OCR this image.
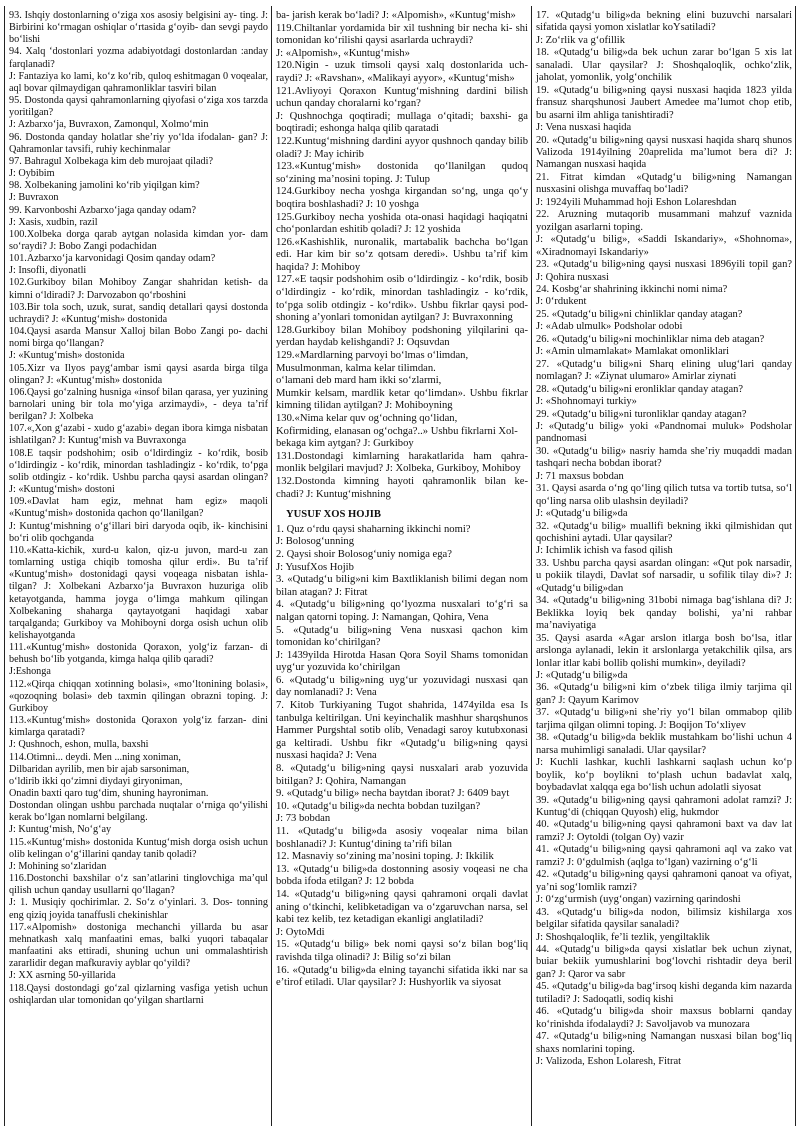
93. Ishqiy dostonlarning o‘ziga xos asosiy belgisini ay- ting. J: Birbirini ko‘rmagan oshiqlar o‘rtasida g‘oyib- dan sevgi paydo bo‘lishi

94. Xalq ‘dostonlari yozma adabiyotdagi dostonlardan :anday farqlanadi?

J: Fantaziya ko lami, ko‘z ko‘rib, quloq eshitmagan 0 voqealar, aql bovar qilmaydigan qahramonliklar tasviri bilan

95. Dostonda qaysi qahramonlarning qiyofasi o‘ziga xos tarzda yoritilgan?

J: Azbarxo‘ja, Buvraxon, Zamonqul, Xolmo‘min

96. Dostonda qanday holatlar she’riy yo‘lda ifodalan- gan? J: Qahramonlar tavsifi, ruhiy kechinmalar

97. Bahragul Xolbekaga kim deb murojaat qiladi?

J: Oybibim

98. Xolbekaning jamolini ko‘rib yiqilgan kim?

J: Buvraxon

99. Karvonboshi Azbarxo‘jaga qanday odam?

J: Xasis, xudbin, razil

100.Xolbeka dorga qarab aytgan nolasida kimdan yor- dam so‘raydi? J: Bobo Zangi podachidan

101.Azbarxo‘ja karvonidagi Qosim qanday odam?

J: Insofli, diyonatli

102.Gurkiboy bilan Mohiboy Zangar shahridan ketish- da kimni o‘ldiradi? J: Darvozabon qo‘rboshini

103.Bir tola soch, uzuk, surat, sandiq detallari qaysi dostonda uchraydi? J: «Kuntug‘mish» dostonida

104.Qaysi asarda Mansur Xalloj bilan Bobo Zangi po- dachi nomi birga qo‘llangan?

J: «Kuntug‘mish» dostonida

105.Xizr va Ilyos payg‘ambar ismi qaysi asarda birga tilga olingan? J: «Kuntug‘mish» dostonida

106.Qaysi go‘zalning husniga «insof bilan qarasa, yer yuzining barnolari uning bir tola mo‘yiga arzimaydi», - deya ta’rif berilgan? J: Xolbeka

107.«,Xon g‘azabi - xudo g‘azabi» degan ibora kimga nisbatan ishlatilgan? J: Kuntug‘mish va Buvraxonga

108.E taqsir podshohim; osib o‘ldirdingiz - ko‘rdik, bosib o‘ldirdingiz - ko‘rdik, minordan tashladingiz - ko‘rdik, to‘pga solib otdingiz - ko‘rdik. Ushbu parcha qaysi asardan olingan? J: «Kuntug‘mish» dostoni

109.«Davlat ham egiz, mehnat ham egiz» maqoli «Kuntug‘mish» dostonida qachon qo‘llanilgan?

J: Kuntug‘mishning o‘g‘illari biri daryoda oqib, ik- kinchisini bo‘ri olib qochganda

110.«Katta-kichik, xurd-u kalon, qiz-u juvon, mard-u zan tomlarning ustiga chiqib tomosha qilur erdi». Bu ta’rif «Kuntug‘mish» dostonidagi qaysi voqeaga nisbatan ishla- tilgan? J: Xolbekani Azbarxo‘ja Buvraxon huzuriga olib ketayotganda, hamma joyga o‘limga mahkum qilingan Xolbekaning shaharga qaytayotgani haqidagi xabar tarqalganda; Gurkiboy va Mohiboyni dorga osish uchun olib kelishayotganda

111.«Kuntug‘mish» dostonida Qoraxon, yolg‘iz farzan- di behush bo‘lib yotganda, kimga halqa qilib qaradi?

J:Eshonga

112.«Qirqa chiqqan xotinning bolasi», «mo‘ltonining bolasi», «qozoqning bolasi» deb taxmin qilingan obrazni toping. J: Gurkiboy

113.«Kuntug‘mish» dostonida Qoraxon yolg‘iz farzan- dini kimlarga qaratadi?

J: Qushnoch, eshon, mulla, baxshi

114.Otimni... deydi. Men ...ning xoniman,

Dilbaridan ayrilib, men bir ajab sarsoniman,

o‘ldirib ikki qo‘zimni diydayi giryoniman,

Onadin baxti qaro tug‘dim, shuning hayroniman.

Dostondan olingan ushbu parchada nuqtalar o‘rniga qo‘yilishi kerak bo‘lgan nomlarni belgilang.

J: Kuntug‘mish, No‘g‘ay

115.«Kuntug‘mish» dostonida Kuntug‘mish dorga osish uchun olib kelingan o‘g‘illarini qanday tanib qoladi?

J: Mohining so‘zlaridan

116.Dostonchi baxshilar o‘z san’atlarini tinglovchiga ma’qul qilish uchun qanday usullarni qo‘llagan?

J: 1. Musiqiy qochirimlar. 2. So‘z o‘yinlari. 3. Dos- tonning eng qiziq joyida tanaffusli chekinishlar

117.«Alpomish» dostoniga mechanchi yillarda bu asar mehnatkash xalq manfaatini emas, balki yuqori tabaqalar manfaatini aks ettiradi, shuning uchun uni ommalashtirish zararlidir degan mafkuraviy ayblar qo‘yildi?

J: XX asrning 50-yillarida

118.Qaysi dostondagi go‘zal qizlarning vasfiga yetish uchun oshiqlardan ular tomonidan qo‘yilgan shartlarni

ba- jarish kerak bo‘ladi? J: «Alpomish», «Kuntug‘mish»

119.Chiltanlar yordamida bir xil tushning bir necha ki- shi tomonidan ko‘rilishi qaysi asarlarda uchraydi?

J: «Alpomish», «Kuntug‘mish»

120.Nigin - uzuk timsoli qaysi xalq dostonlarida uch- raydi? J: «Ravshan», «Malikayi ayyor», «Kuntug‘mish»

121.Avliyoyi Qoraxon Kuntug‘mishning dardini bilish uchun qanday choralarni ko‘rgan?

J: Qushnochga qoqtiradi; mullaga o‘qitadi; baxshi- ga boqtiradi; eshonga halqa qilib qaratadi

122.Kuntug‘mishning dardini ayyor qushnoch qanday bilib oladi? J: May ichirib

123.«Kuntug‘mish» dostonida qo‘llanilgan qudoq so‘zining ma’nosini toping. J: Tulup

124.Gurkiboy necha yoshga kirgandan so‘ng, unga qo‘y boqtira boshlashadi? J: 10 yoshga

125.Gurkiboy necha yoshida ota-onasi haqidagi haqiqatni cho‘ponlardan eshitib qoladi? J: 12 yoshida

126.«Kashishlik, nuronalik, martabalik bachcha bo‘lgan edi. Har kim bir so‘z qotsam deredi». Ushbu ta’rif kim haqida? J: Mohiboy

127.«E taqsir podshohim osib o‘ldirdingiz - ko‘rdik, bosib o‘ldirdingiz - ko‘rdik, minordan tashladingiz - ko‘rdik, to‘pga solib otdingiz - ko‘rdik». Ushbu fikrlar qaysi pod- shoning a’yonlari tomonidan aytilgan? J: Buvraxonning

128.Gurkiboy bilan Mohiboy podshoning yilqilarini qa- yerdan haydab kelishgandi? J: Oqsuvdan

129.«Mardlarning parvoyi bo‘lmas o‘limdan,

Musulmonman, kalma kelar tilimdan.

o‘lamani deb mard ham ikki so‘zlarmi,

Mumkir kelsam, mardlik ketar qo‘limdan». Ushbu fikrlar kimning tilidan aytilgan? J: Mohiboyning

130.«Nima kelar quv og‘ochning qo‘lidan,

Kofirmiding, elanasan og‘ochga?..» Ushbu fikrlarni Xol-

bekaga kim aytgan? J: Gurkiboy

131.Dostondagi kimlarning harakatlarida ham qahra- monlik belgilari mavjud? J: Xolbeka, Gurkiboy, Mohiboy

132.Dostonda kimning hayoti qahramonlik bilan ke- chadi? J: Kuntug‘mishning

YUSUF XOS HOJIB

1. Quz o‘rdu qaysi shaharning ikkinchi nomi?

J: Bolosog‘unning

2. Qaysi shoir Bolosog‘uniy nomiga ega?

J: YusufXos Hojib

3. «Qutadg‘u bilig»ni kim Baxtliklanish bilimi degan nom bilan atagan? J: Fitrat

4. «Qutadg‘u bilig»ning qo‘lyozma nusxalari to‘g‘ri sa nalgan qatorni toping. J: Namangan, Qohira, Vena

5. «Qutadg‘u bilig»ning Vena nusxasi qachon kim tomonidan ko‘chirilgan?

J: 1439yilda Hirotda Hasan Qora Soyil Shams tomonidan uyg‘ur yozuvida ko‘chirilgan

6. «Qutadg‘u bilig»ning uyg‘ur yozuvidagi nusxasi qan day nomlanadi? J: Vena

7. Kitob Turkiyaning Tugot shahrida, 1474yilda esa Is tanbulga keltirilgan. Uni keyinchalik mashhur sharqshunos Hammer Purgshtal sotib olib, Venadagi saroy kutubxonasi ga keltiradi. Ushbu fikr «Qutadg‘u bilig»ning qaysi nusxasi haqida? J: Vena

8. «Qutadg‘u bilig»ning qaysi nusxalari arab yozuvida bitilgan? J: Qohira, Namangan

9. «Qutadg‘u bilig» necha baytdan iborat? J: 6409 bayt

10. «Qutadg‘u bilig»da nechta bobdan tuzilgan?

J: 73 bobdan

11. «Qutadg‘u bilig»da asosiy voqealar nima bilan boshlanadi? J: Kuntug‘dining ta’rifi bilan

12. Masnaviy so‘zining ma’nosini toping. J: Ikkilik

13. «Qutadg‘u bilig»da dostonning asosiy voqeasi ne cha bobda ifoda etilgan? J: 12 bobda

14. «Qutadg‘u bilig»ning qaysi qahramoni orqali davlat aning o‘tkinchi, kelibketadigan va o‘zgaruvchan narsa, sel kabi tez kelib, tez ketadigan ekanligi anglatiladi?

J: OytoMdi

15. «Qutadg‘u bilig» bek nomi qaysi so‘z bilan bog‘liq ravishda tilga olinadi? J: Bilig so‘zi bilan

16. «Qutadg‘u bilig»da elning tayanchi sifatida ikki nar sa e’tirof etiladi. Ular qaysilar? J: Hushyorlik va siyosat

17. «Qutadg‘u bilig»da bekning elini buzuvchi narsalari sifatida qaysi yomon xislatlar koYsatiladi?

J: Zo‘rlik va g‘ofillik

18. «Qutadg‘u bilig»da bek uchun zarar bo‘lgan 5 xis lat sanaladi. Ular qaysilar? J: Shoshqaloqlik, ochko‘zlik, jaholat, yomonlik, yolg‘onchilik

19. «Qutadg‘u bilig»ning qaysi nusxasi haqida 1823 yilda fransuz sharqshunosi Jaubert Amedee ma’lumot chop etib, bu asarni ilm ahliga tanishtiradi?

J: Vena nusxasi haqida

20. «Qutadg‘u bilig»ning qaysi nusxasi haqida sharq shunos Valizoda 1914yilning 20aprelida ma’lumot bera di? J: Namangan nusxasi haqida

21. Fitrat kimdan «Qutadg‘u bilig»ning Namangan nusxasini olishga muvaffaq bo‘ladi?

J: 1924yili Muhammad hoji Eshon Lolareshdan

22. Aruzning mutaqorib musammani mahzuf vaznida yozilgan asarlarni toping.

J: «Qutadg‘u bilig», «Saddi Iskandariy», «Shohnoma», «Xiradnomayi Iskandariy»

23. «Qutadg‘u bilig»ning qaysi nusxasi 1896yili topil gan? J: Qohira nusxasi

24. Kosbg‘ar shahrining ikkinchi nomi nima?

J: 0‘rdukent

25. «Qutadg‘u bilig»ni chinliklar qanday atagan?

J: «Adab ulmulk» Podsholar odobi

26. «Qutadg‘u bilig»ni mochinliklar nima deb atagan?

J: «Amin ulmamlakat» Mamlakat omonliklari

27. «Qutadg‘u bilig»ni Sharq elining ulug‘lari qanday nomlagan? J: «Ziynat ulumaro» Amirlar ziynati

28. «Qutadg‘u bilig»ni eronliklar qanday atagan?

J: «Shohnomayi turkiy»

29. «Qutadg‘u bilig»ni turonliklar qanday atagan?

J: «Qutadg‘u bilig» yoki «Pandnomai muluk» Podsholar pandnomasi

30. «Qutadg‘u bilig» nasriy hamda she’riy muqaddi madan tashqari necha bobdan iborat?

J: 71 maxsus bobdan

31. Qaysi asarda o‘ng qo‘ling qilich tutsa va tortib tutsa, so‘l qo‘ling narsa olib ulashsin deyiladi?

J: «Qutadg‘u bilig»da

32. «Qutadg‘u bilig» muallifi bekning ikki qilmishidan qut qochishini aytadi. Ular qaysilar?

J: Ichimlik ichish va fasod qilish

33. Ushbu parcha qaysi asardan olingan: «Qut pok narsadir, u pokiik tilaydi, Davlat sof narsadir, u sofilik tilay di»? J: «Qutadg‘u bilig»dan

34. «Qutadg‘u bilig»ning 31bobi nimaga bag‘ishlana di? J: Beklikka loyiq bek qanday bolishi, ya’ni rahbar ma’naviyatiga

35. Qaysi asarda «Agar arslon itlarga bosh bo‘lsa, itlar arslonga aylanadi, lekin it arslonlarga yetakchilik qilsa, ars lonlar itlar kabi bollib qolishi mumkin», deyiladi?

J: «Qutadg‘u bilig»da

36. «Qutadg‘u bilig»ni kim o‘zbek tiliga ilmiy tarjima qil gan? J: Qayum Karimov

37. «Qutadg‘u bilig»ni she’riy yo‘l bilan ommabop qilib tarjima qilgan olimni toping. J: Boqijon To‘xliyev

38. «Qutadg‘u bilig»da beklik mustahkam bo‘lishi uchun 4 narsa muhimligi sanaladi. Ular qaysilar?

J: Kuchli lashkar, kuchli lashkarni saqlash uchun ko‘p boylik, ko‘p boylikni to‘plash uchun badavlat xalq, boybadavlat xalqqa ega bo‘lish uchun adolatli siyosat

39. «Qutadg‘u bilig»ning qaysi qahramoni adolat ramzi? J: Kuntug‘di (chiqqan Quyosh) elig, hukmdor

40. «Qutadg‘u bilig»ning qaysi qahramoni baxt va dav lat ramzi? J: Oytoldi (tolgan Oy) vazir

41. «Qutadg‘u bilig»ning qaysi qahramoni aql va zako vat ramzi? J: 0‘gdulmish (aqlga to‘lgan) vazirning o‘g‘li

42. «Qutadg‘u bilig»ning qaysi qahramoni qanoat va ofiyat, ya’ni sog‘lomlik ramzi?

J: 0‘zg‘urmish (uyg‘ongan) vazirning qarindoshi

43. «Qutadg‘u bilig»da nodon, bilimsiz kishilarga xos belgilar sifatida qaysilar sanaladi?

J: Shoshqaloqlik, fe’li tezlik, yengiltaklik

44. «Qutadg‘u bilig»da qaysi xislatlar bek uchun ziynat, buiar bekiik yumushlarini bog‘lovchi rishtadir deya beril gan? J: Qaror va sabr

45. «Qutadg‘u bilig»da bag‘irsoq kishi deganda kim nazarda tutiladi? J: Sadoqatli, sodiq kishi

46. «Qutadg‘u bilig»da shoir maxsus boblarni qanday ko‘rinishda ifodalaydi? J: Savoljavob va munozara

47. «Qutadg‘u bilig»ning Namangan nusxasi bilan bog‘liq shaxs nomlarini toping.

J: Valizoda, Eshon Lolaresh, Fitrat
